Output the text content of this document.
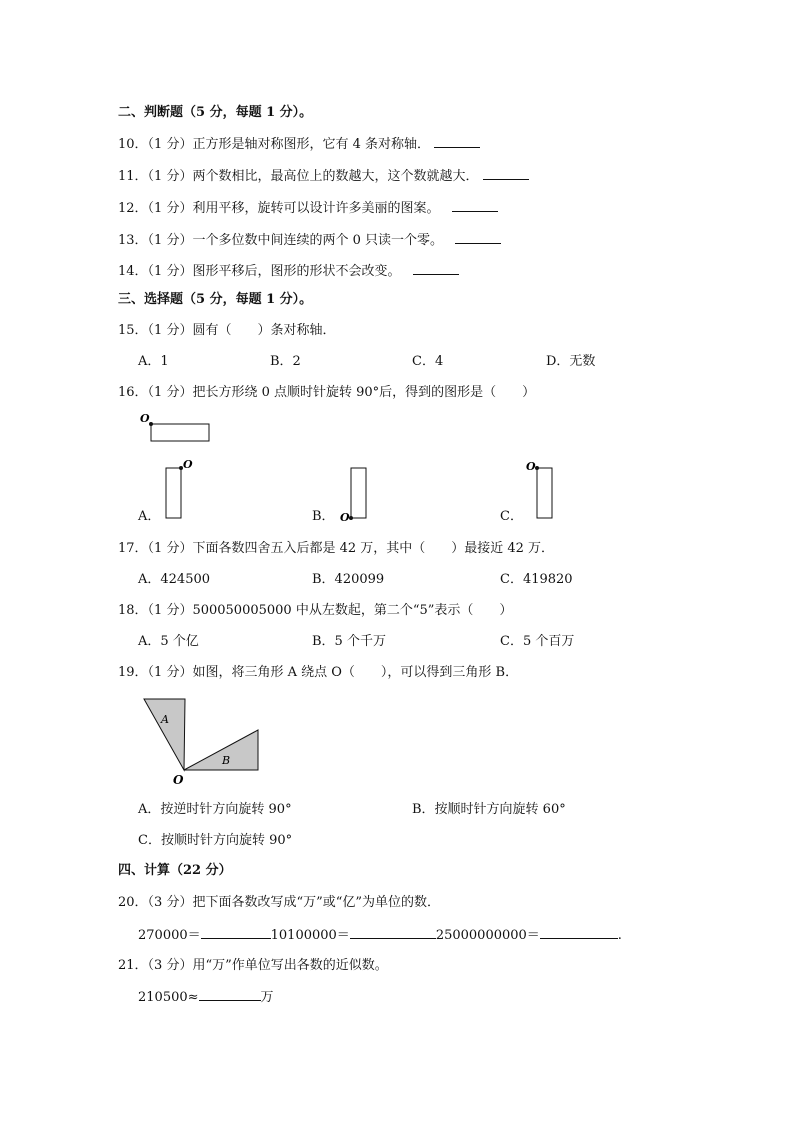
二、判断题（5 分，每题 1 分）。
10．（1 分）正方形是轴对称图形，它有 4 条对称轴．
11．（1 分）两个数相比，最高位上的数越大，这个数就越大．
12．（1 分）利用平移，旋转可以设计许多美丽的图案。
13．（1 分）一个多位数中间连续的两个 0 只读一个零。
14．（1 分）图形平移后，图形的形状不会改变。
三、选择题（5 分，每题 1 分）。
15．（1 分）圆有（　　）条对称轴．
A．1	B．2	C．4	D．无数
16．（1 分）把长方形绕 0 点顺时针旋转 90°后，得到的图形是（　　）
O
A．
O
B． O	C．
O
17．（1 分）下面各数四舍五入后都是 42 万，其中（　　）最接近 42 万．
A．424500	B．420099	C．419820
18．（1 分）500050005000 中从左数起，第二个“5”表示（　　）
A．5 个亿	B．5 个千万	C．5 个百万
19．（1 分）如图，将三角形 A 绕点 O（　　），可以得到三角形 B．
A
B
O
A．按逆时针方向旋转 90°	B．按顺时针方向旋转 60°
C．按顺时针方向旋转 90°
四、计算（22 分）
20．（3 分）把下面各数改写成“万”或“亿”为单位的数．
270000＝	10100000＝	25000000000＝	.
21．（3 分）用“万”作单位写出各数的近似数。
210500≈	万
